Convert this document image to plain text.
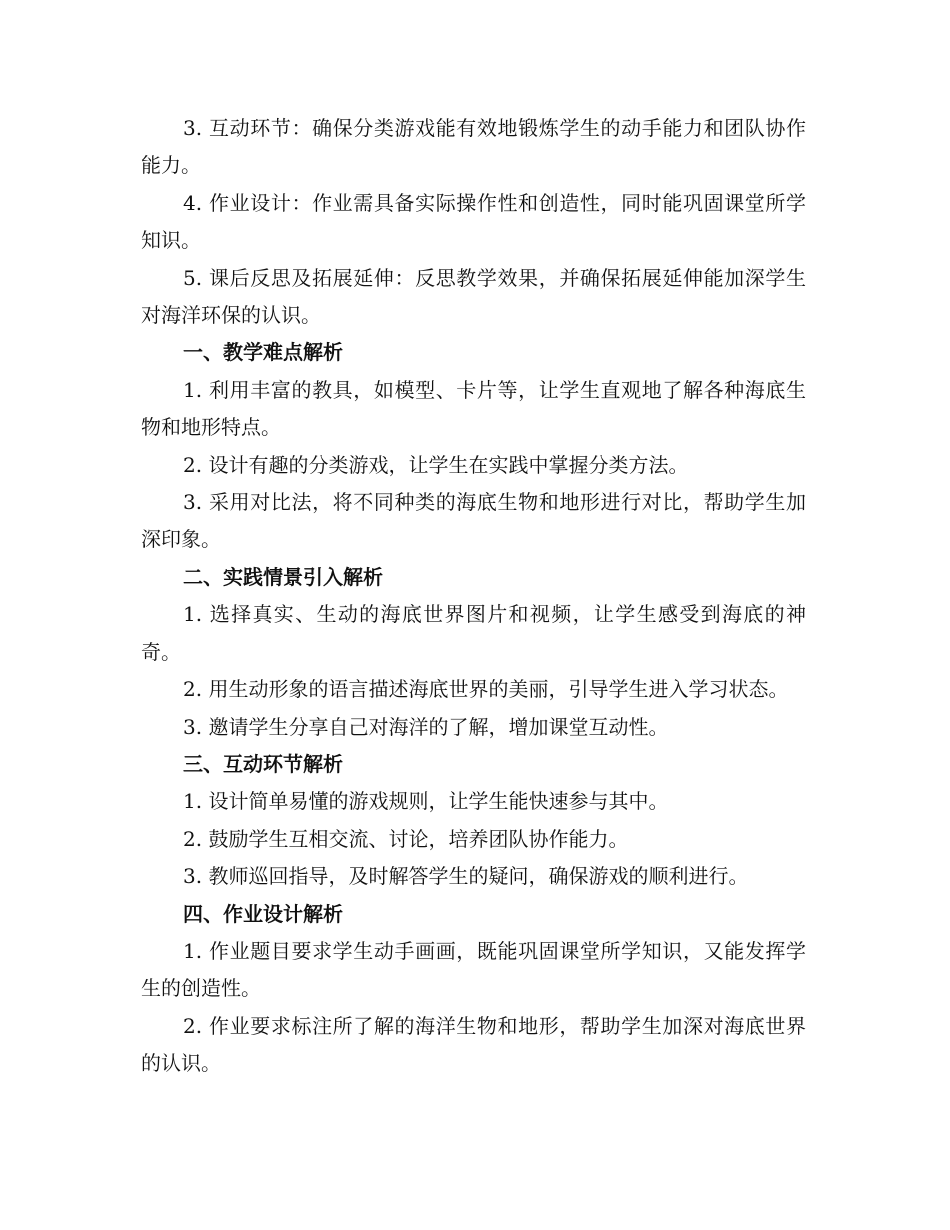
3. 互动环节：确保分类游戏能有效地锻炼学生的动手能力和团队协作能力。

4. 作业设计：作业需具备实际操作性和创造性，同时能巩固课堂所学知识。

5. 课后反思及拓展延伸：反思教学效果，并确保拓展延伸能加深学生对海洋环保的认识。

一、教学难点解析

1. 利用丰富的教具，如模型、卡片等，让学生直观地了解各种海底生物和地形特点。

2. 设计有趣的分类游戏，让学生在实践中掌握分类方法。

3. 采用对比法，将不同种类的海底生物和地形进行对比，帮助学生加深印象。

二、实践情景引入解析

1. 选择真实、生动的海底世界图片和视频，让学生感受到海底的神奇。

2. 用生动形象的语言描述海底世界的美丽，引导学生进入学习状态。

3. 邀请学生分享自己对海洋的了解，增加课堂互动性。

三、互动环节解析

1. 设计简单易懂的游戏规则，让学生能快速参与其中。

2. 鼓励学生互相交流、讨论，培养团队协作能力。

3. 教师巡回指导，及时解答学生的疑问，确保游戏的顺利进行。

四、作业设计解析

1. 作业题目要求学生动手画画，既能巩固课堂所学知识，又能发挥学生的创造性。

2. 作业要求标注所了解的海洋生物和地形，帮助学生加深对海底世界的认识。
